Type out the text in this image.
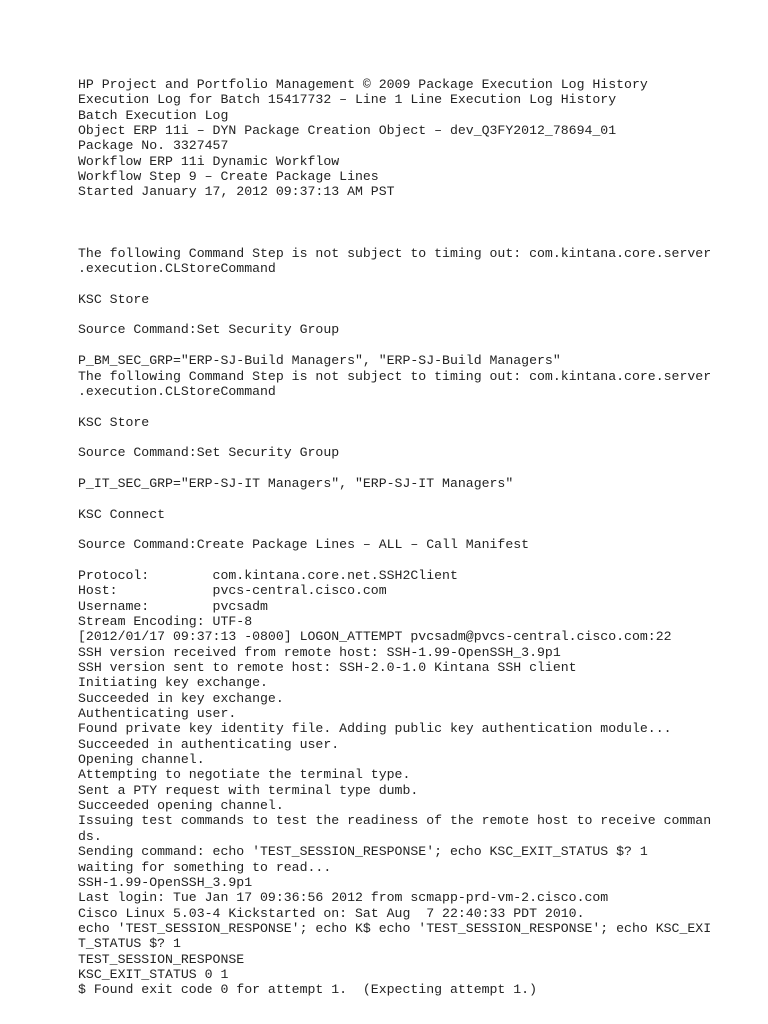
HP Project and Portfolio Management © 2009 Package Execution Log History
Execution Log for Batch 15417732 – Line 1 Line Execution Log History
Batch Execution Log
Object ERP 11i – DYN Package Creation Object – dev_Q3FY2012_78694_01
Package No. 3327457
Workflow ERP 11i Dynamic Workflow
Workflow Step 9 – Create Package Lines
Started January 17, 2012 09:37:13 AM PST
The following Command Step is not subject to timing out: com.kintana.core.server
.execution.CLStoreCommand
KSC Store
Source Command:Set Security Group
P_BM_SEC_GRP="ERP-SJ-Build Managers", "ERP-SJ-Build Managers"
The following Command Step is not subject to timing out: com.kintana.core.server
.execution.CLStoreCommand
KSC Store
Source Command:Set Security Group
P_IT_SEC_GRP="ERP-SJ-IT Managers", "ERP-SJ-IT Managers"
KSC Connect
Source Command:Create Package Lines – ALL – Call Manifest
Protocol:        com.kintana.core.net.SSH2Client
Host:            pvcs-central.cisco.com
Username:        pvcsadm
Stream Encoding: UTF-8
[2012/01/17 09:37:13 -0800] LOGON_ATTEMPT pvcsadm@pvcs-central.cisco.com:22
SSH version received from remote host: SSH-1.99-OpenSSH_3.9p1
SSH version sent to remote host: SSH-2.0-1.0 Kintana SSH client
Initiating key exchange.
Succeeded in key exchange.
Authenticating user.
Found private key identity file. Adding public key authentication module...
Succeeded in authenticating user.
Opening channel.
Attempting to negotiate the terminal type.
Sent a PTY request with terminal type dumb.
Succeeded opening channel.
Issuing test commands to test the readiness of the remote host to receive comman
ds.
Sending command: echo 'TEST_SESSION_RESPONSE'; echo KSC_EXIT_STATUS $? 1
waiting for something to read...
SSH-1.99-OpenSSH_3.9p1
Last login: Tue Jan 17 09:36:56 2012 from scmapp-prd-vm-2.cisco.com
Cisco Linux 5.03-4 Kickstarted on: Sat Aug  7 22:40:33 PDT 2010.
echo 'TEST_SESSION_RESPONSE'; echo K$ echo 'TEST_SESSION_RESPONSE'; echo KSC_EXI
T_STATUS $? 1
TEST_SESSION_RESPONSE
KSC_EXIT_STATUS 0 1
$ Found exit code 0 for attempt 1.  (Expecting attempt 1.)
